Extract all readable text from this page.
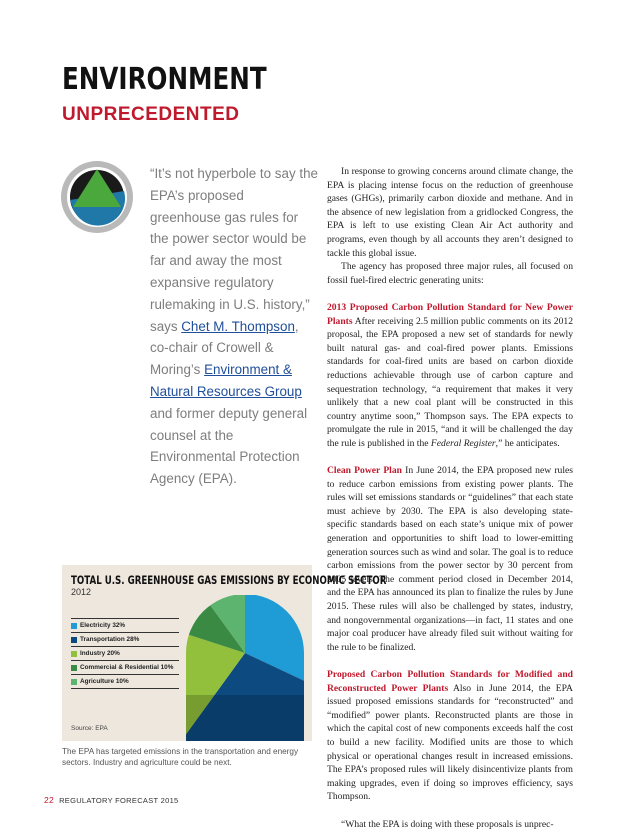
ENVIRONMENT
UNPRECEDENTED

“It’s not hyperbole to say the EPA’s proposed greenhouse gas rules for the power sector would be far and away the most expansive regulatory rulemaking in U.S. history,” says Chet M. Thompson, co-chair of Crowell & Moring’s Environment & Natural Resources Group and former deputy general counsel at the Environmental Protection Agency (EPA).

In response to growing concerns around climate change, the EPA is placing intense focus on the reduction of greenhouse gases (GHGs), primarily carbon dioxide and methane. And in the absence of new legislation from a gridlocked Congress, the EPA is left to use existing Clean Air Act authority and programs, even though by all accounts they aren’t designed to tackle this global issue.

The agency has proposed three major rules, all focused on fossil fuel-fired electric generating units:

2013 Proposed Carbon Pollution Standard for New Power Plants After receiving 2.5 million public comments on its 2012 proposal, the EPA proposed a new set of standards for newly built natural gas- and coal-fired power plants. Emissions standards for coal-fired units are based on carbon dioxide reductions achievable through use of carbon capture and sequestration technology, “a requirement that makes it very unlikely that a new coal plant will be constructed in this country anytime soon,” Thompson says. The EPA expects to promulgate the rule in 2015, “and it will be challenged the day the rule is published in the Federal Register,” he anticipates.

Clean Power Plan In June 2014, the EPA proposed new rules to reduce carbon emissions from existing power plants. The rules will set emissions standards or “guidelines” that each state must achieve by 2030. The EPA is also developing state-specific standards based on each state’s unique mix of power generation and opportunities to shift load to lower-emitting generation sources such as wind and solar. The goal is to reduce carbon emissions from the power sector by 30 percent from 2005 levels. The comment period closed in December 2014, and the EPA has announced its plan to finalize the rules by June 2015. These rules will also be challenged by states, industry, and nongovernmental organizations—in fact, 11 states and one major coal producer have already filed suit without waiting for the rule to be finalized.

Proposed Carbon Pollution Standards for Modified and Reconstructed Power Plants Also in June 2014, the EPA issued proposed emissions standards for “reconstructed” and “modified” power plants. Reconstructed plants are those in which the capital cost of new components exceeds half the cost to build a new facility. Modified units are those to which physical or operational changes result in increased emissions. The EPA’s proposed rules will likely disincentivize plants from making upgrades, even if doing so improves efficiency, says Thompson.

“What the EPA is doing with these proposals is unprec-

TOTAL U.S. GREENHOUSE GAS EMISSIONS BY ECONOMIC SECTOR
2012
Electricity 32%
Transportation 28%
Industry 20%
Commercial & Residential 10%
Agriculture 10%
Source: EPA

The EPA has targeted emissions in the transportation and energy sectors. Industry and agriculture could be next.

22 REGULATORY FORECAST 2015
